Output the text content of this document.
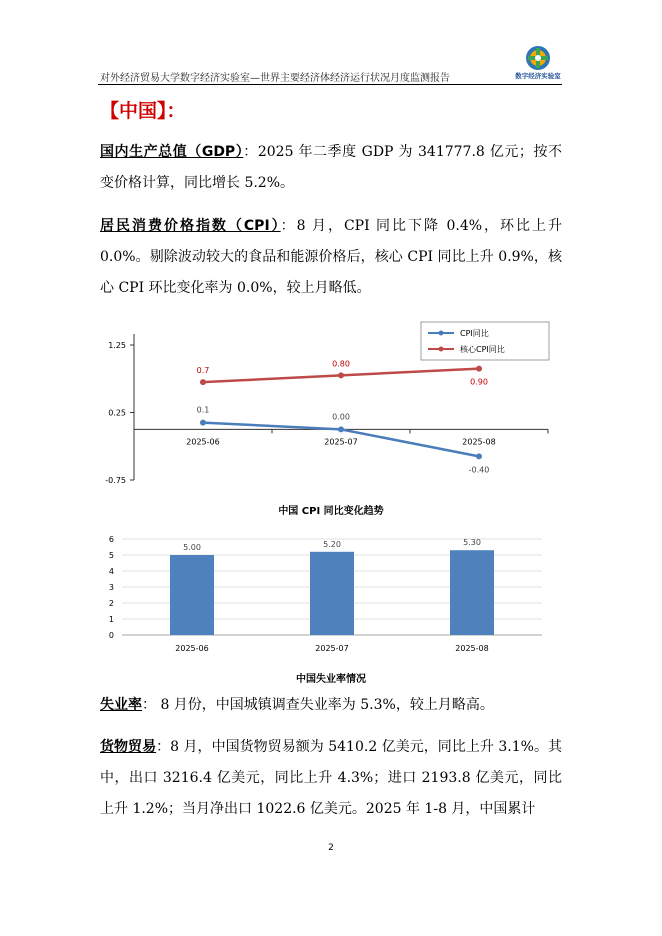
对外经济贸易大学数字经济实验室—世界主要经济体经济运行状况月度监测报告	数字经济实验室
【中国】：
国内生产总值（GDP）：2025 年二季度 GDP 为 341777.8 亿元；按不变价格计算，同比增长 5.2%。
居民消费价格指数（CPI）：8 月，CPI 同比下降 0.4%，环比上升 0.0%。剔除波动较大的食品和能源价格后，核心 CPI 同比上升 0.9%，核心 CPI 环比变化率为 0.0%，较上月略低。
1.25
0.25
-0.75
2025-06	2025-07	2025-08
0.1
0.00
-0.40
0.7
0.80
0.90
CPI同比
核心CPI同比
中国 CPI 同比变化趋势
6
5
4
3
2
1
0
5.00	5.20	5.30
2025-06	2025-07	2025-08
中国失业率情况
失业率： 8 月份，中国城镇调查失业率为 5.3%，较上月略高。
货物贸易：8 月，中国货物贸易额为 5410.2 亿美元，同比上升 3.1%。其中，出口 3216.4 亿美元，同比上升 4.3%；进口 2193.8 亿美元，同比上升 1.2%；当月净出口 1022.6 亿美元。2025 年 1-8 月，中国累计
2
